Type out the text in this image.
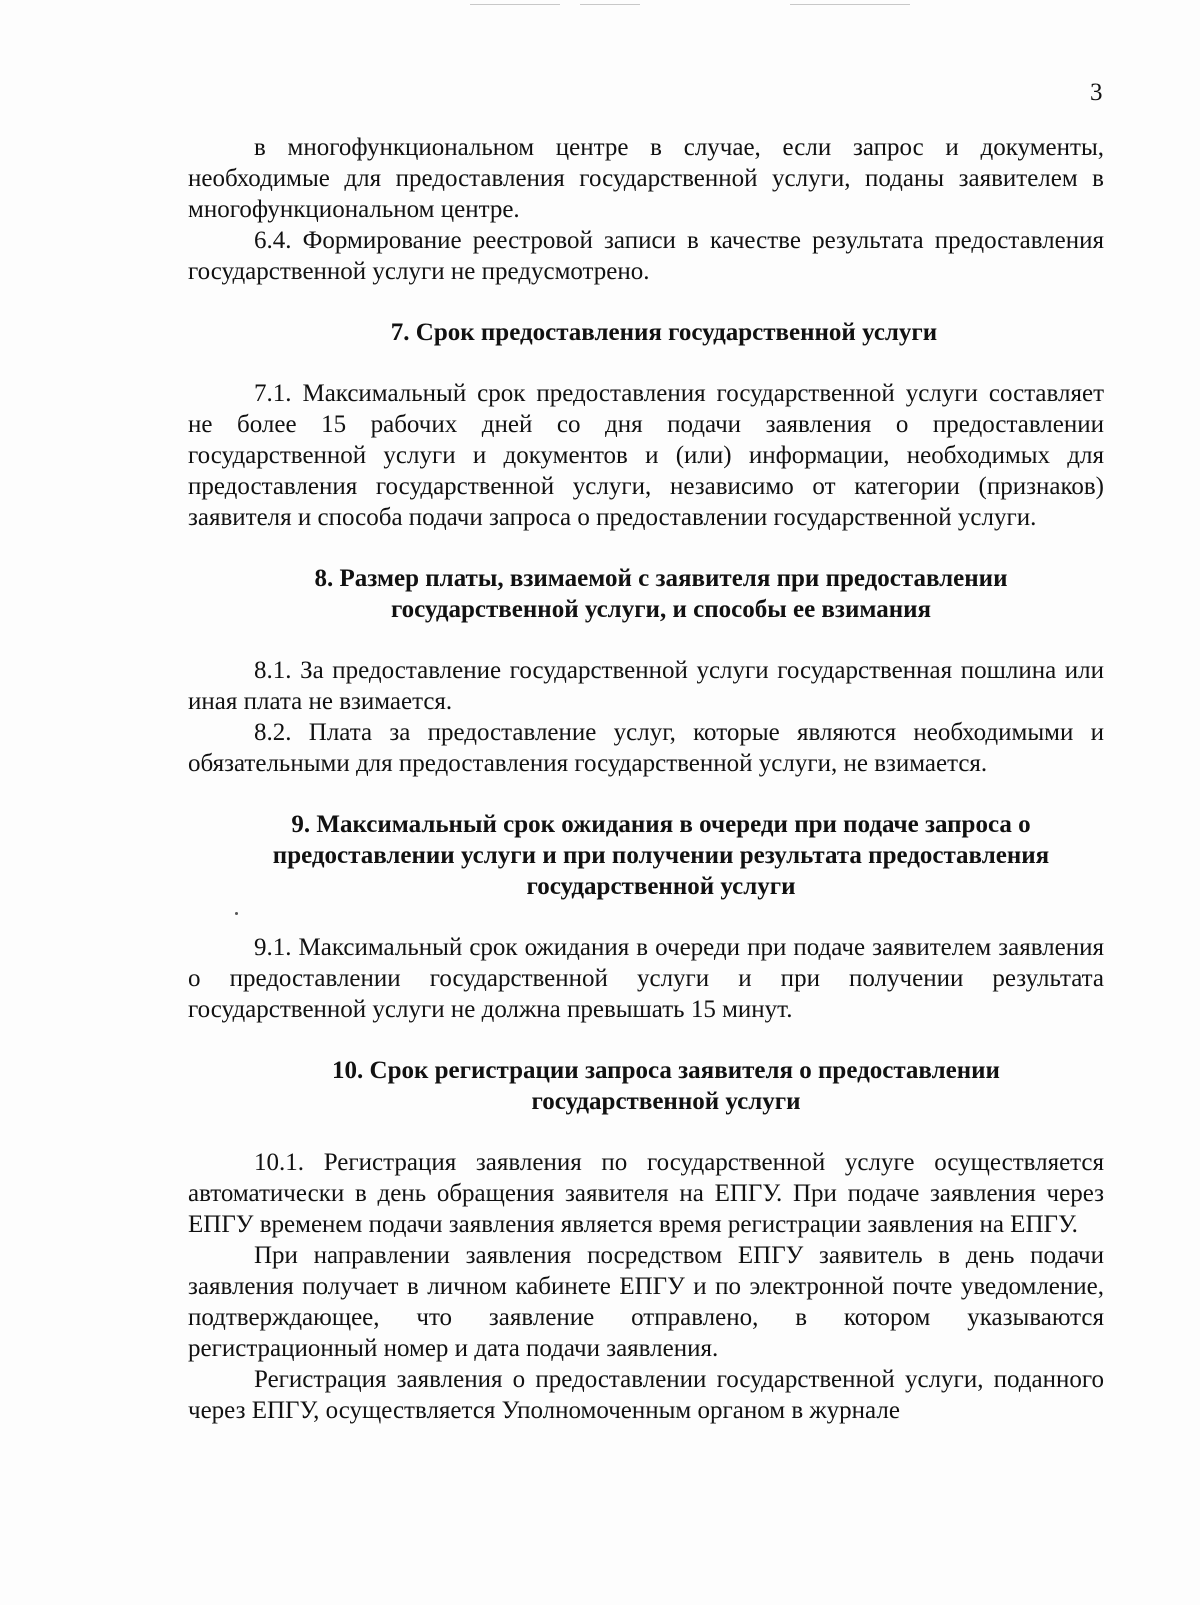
3

в многофункциональном центре в случае, если запрос и документы, необходимые для предоставления государственной услуги, поданы заявителем в многофункциональном центре.

6.4. Формирование реестровой записи в качестве результата предоставления государственной услуги не предусмотрено.

7. Срок предоставления государственной услуги

7.1. Максимальный срок предоставления государственной услуги составляет не более 15 рабочих дней со дня подачи заявления о предоставлении государственной услуги и документов и (или) информации, необходимых для предоставления государственной услуги, независимо от категории (признаков) заявителя и способа подачи запроса о предоставлении государственной услуги.

8. Размер платы, взимаемой с заявителя при предоставлении
государственной услуги, и способы ее взимания

8.1. За предоставление государственной услуги государственная пошлина или иная плата не взимается.

8.2. Плата за предоставление услуг, которые являются необходимыми и обязательными для предоставления государственной услуги, не взимается.

9. Максимальный срок ожидания в очереди при подаче запроса о
предоставлении услуги и при получении результата предоставления
государственной услуги

9.1. Максимальный срок ожидания в очереди при подаче заявителем заявления о предоставлении государственной услуги и при получении результата государственной услуги не должна превышать 15 минут.

10. Срок регистрации запроса заявителя о предоставлении
государственной услуги

10.1. Регистрация заявления по государственной услуге осуществляется автоматически в день обращения заявителя на ЕПГУ. При подаче заявления через ЕПГУ временем подачи заявления является время регистрации заявления на ЕПГУ.

При направлении заявления посредством ЕПГУ заявитель в день подачи заявления получает в личном кабинете ЕПГУ и по электронной почте уведомление, подтверждающее, что заявление отправлено, в котором указываются регистрационный номер и дата подачи заявления.

Регистрация заявления о предоставлении государственной услуги, поданного через ЕПГУ, осуществляется Уполномоченным органом в журнале
